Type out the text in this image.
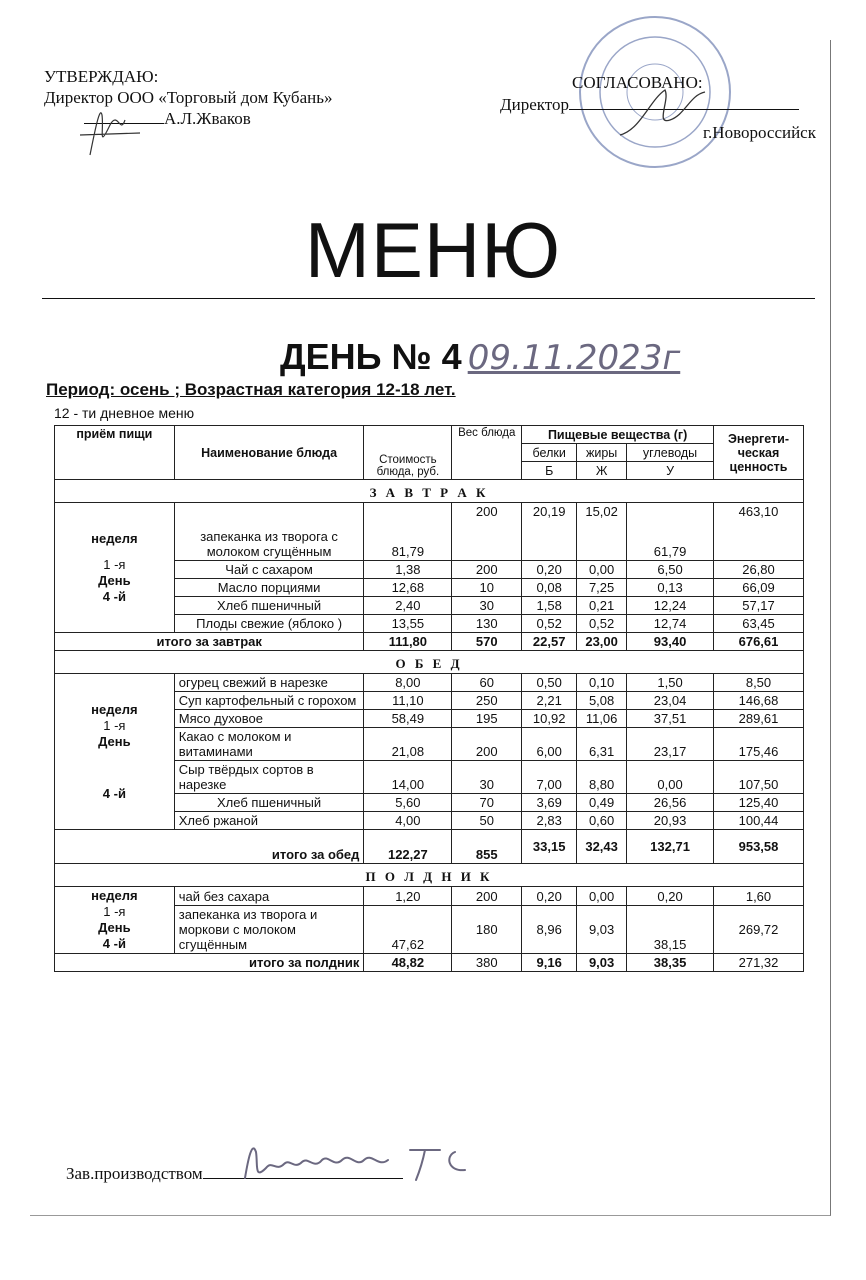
УТВЕРЖДАЮ:
Директор ООО «Торговый дом Кубань»
А.Л.Жваков
СОГЛАСОВАНО:
Директор
г.Новороссийск
МЕНЮ
ДЕНЬ № 4 09.11.2023г
Период: осень ; Возрастная категория 12-18 лет.
12 - ти дневное меню
приём пищи	Наименование блюда	Стоимость блюда, руб.	Вес блюда	Пищевые вещества (г)			Энергети-ческая ценность
				белки	жиры	углеводы	
				Б	Ж	У	
З А В Т Р А К							

неделя
1 -я
День
4 -й	запеканка из творога с молоком сгущённым	81,79	200	20,19	15,02	61,79	463,10
	Чай с сахаром	1,38	200	0,20	0,00	6,50	26,80
	Масло порциями	12,68	10	0,08	7,25	0,13	66,09
	Хлеб пшеничный	2,40	30	1,58	0,21	12,24	57,17
	Плоды свежие (яблоко )	13,55	130	0,52	0,52	12,74	63,45
итого за завтрак		111,80	570	22,57	23,00	93,40	676,61
О Б Е Д							

неделя
1 -я
День
4 -й	огурец свежий в нарезке	8,00	60	0,50	0,10	1,50	8,50
	Суп картофельный с горохом	11,10	250	2,21	5,08	23,04	146,68
	Мясо духовое	58,49	195	10,92	11,06	37,51	289,61
	Какао с молоком и витаминами	21,08	200	6,00	6,31	23,17	175,46
	Сыр твёрдых сортов в нарезке	14,00	30	7,00	8,80	0,00	107,50
	Хлеб пшеничный	5,60	70	3,69	0,49	26,56	125,40
	Хлеб ржаной	4,00	50	2,83	0,60	20,93	100,44
итого за обед		122,27	855	33,15	32,43	132,71	953,58
П О Л Д Н И К							

неделя
1 -я
День
4 -й	чай без сахара	1,20	200	0,20	0,00	0,20	1,60
	запеканка из творога и моркови с молоком сгущённым	47,62	180	8,96	9,03	38,15	269,72
итого за полдник		48,82	380	9,16	9,03	38,35	271,32
Зав.производством
